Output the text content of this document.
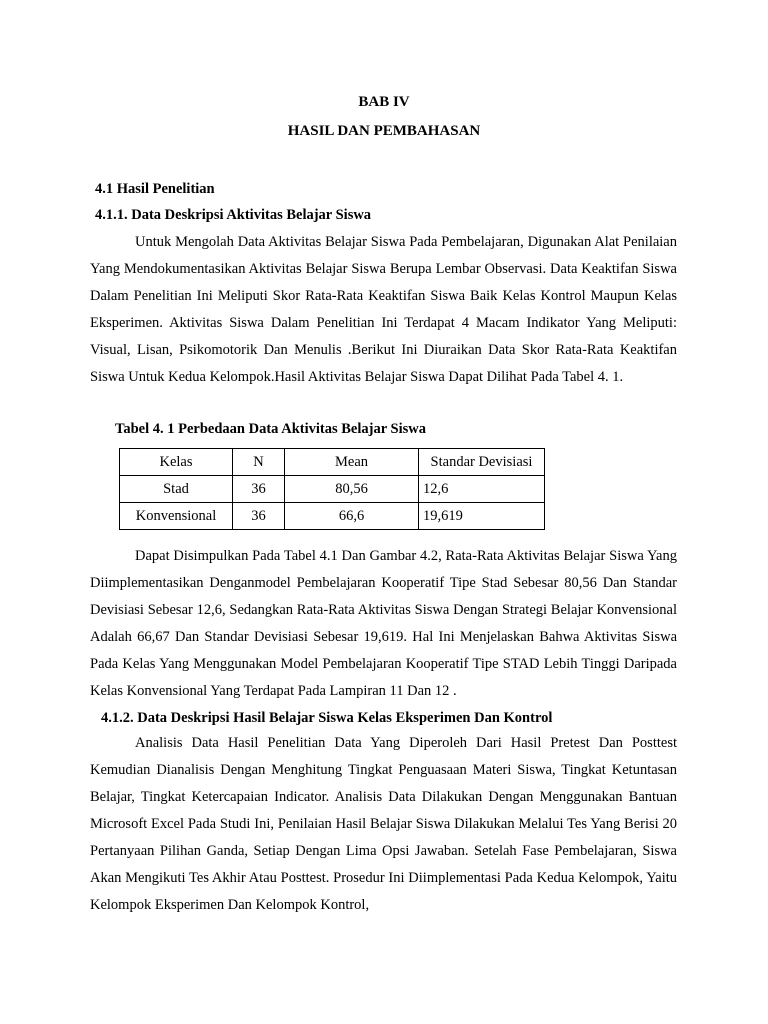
BAB IV
HASIL DAN PEMBAHASAN
4.1 Hasil Penelitian
4.1.1. Data Deskripsi Aktivitas Belajar Siswa
Untuk Mengolah Data Aktivitas Belajar Siswa Pada Pembelajaran, Digunakan Alat Penilaian Yang Mendokumentasikan Aktivitas Belajar Siswa Berupa Lembar Observasi. Data Keaktifan Siswa Dalam Penelitian Ini Meliputi Skor Rata-Rata Keaktifan Siswa Baik Kelas Kontrol Maupun Kelas Eksperimen. Aktivitas Siswa Dalam Penelitian Ini Terdapat 4 Macam Indikator Yang Meliputi: Visual, Lisan, Psikomotorik Dan Menulis .Berikut Ini Diuraikan Data Skor Rata-Rata Keaktifan Siswa Untuk Kedua Kelompok.Hasil Aktivitas Belajar Siswa Dapat Dilihat Pada Tabel 4. 1.
Tabel 4. 1 Perbedaan Data Aktivitas Belajar Siswa
Kelas	N	Mean	Standar Devisiasi
Stad	36	80,56	12,6
Konvensional	36	66,6	19,619
Dapat Disimpulkan Pada Tabel 4.1 Dan Gambar 4.2, Rata-Rata Aktivitas Belajar Siswa Yang Diimplementasikan Denganmodel Pembelajaran Kooperatif Tipe Stad Sebesar 80,56 Dan Standar Devisiasi Sebesar 12,6, Sedangkan Rata-Rata Aktivitas Siswa Dengan Strategi Belajar Konvensional Adalah 66,67 Dan Standar Devisiasi Sebesar 19,619. Hal Ini Menjelaskan Bahwa Aktivitas Siswa Pada Kelas Yang Menggunakan Model Pembelajaran Kooperatif Tipe STAD Lebih Tinggi Daripada Kelas Konvensional Yang Terdapat Pada Lampiran 11 Dan 12 .
4.1.2. Data Deskripsi Hasil Belajar Siswa Kelas Eksperimen Dan Kontrol
Analisis Data Hasil Penelitian Data Yang Diperoleh Dari Hasil Pretest Dan Posttest Kemudian Dianalisis Dengan Menghitung Tingkat Penguasaan Materi Siswa, Tingkat Ketuntasan Belajar, Tingkat Ketercapaian Indicator. Analisis Data Dilakukan Dengan Menggunakan Bantuan Microsoft Excel Pada Studi Ini, Penilaian Hasil Belajar Siswa Dilakukan Melalui Tes Yang Berisi 20 Pertanyaan Pilihan Ganda, Setiap Dengan Lima Opsi Jawaban. Setelah Fase Pembelajaran, Siswa Akan Mengikuti Tes Akhir Atau Posttest. Prosedur Ini Diimplementasi Pada Kedua Kelompok, Yaitu Kelompok Eksperimen Dan Kelompok Kontrol,
